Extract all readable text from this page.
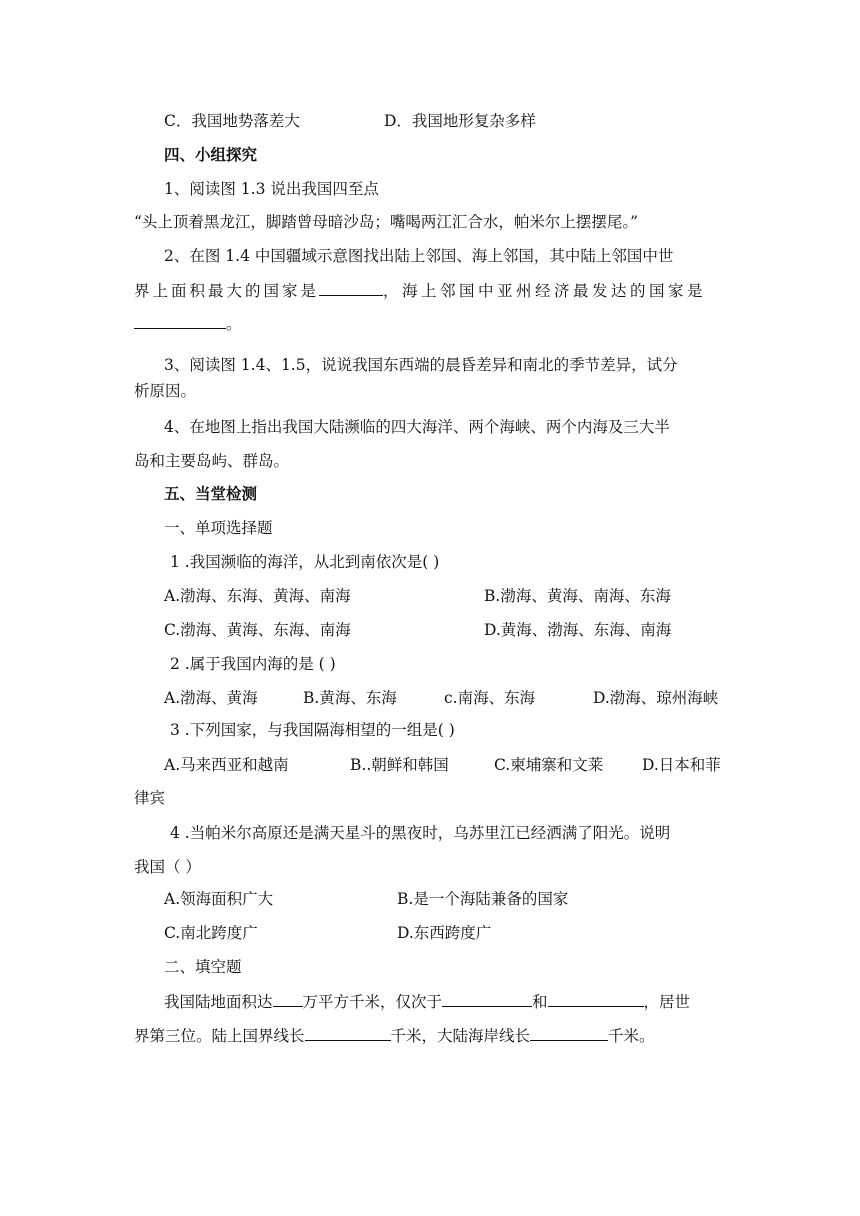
C．我国地势落差大	D．我国地形复杂多样
四、小组探究
1、阅读图 1.3 说出我国四至点
“头上顶着黑龙江，脚踏曾母暗沙岛；嘴喝两江汇合水，帕米尔上摆摆尾。”
2、在图 1.4 中国疆域示意图找出陆上邻国、海上邻国，其中陆上邻国中世
界上面积最大的国家是	，海上邻国中亚州经济最发达的国家是
。
3、阅读图 1.4、1.5，说说我国东西端的晨昏差异和南北的季节差异，试分
析原因。
4、在地图上指出我国大陆濒临的四大海洋、两个海峡、两个内海及三大半
岛和主要岛屿、群岛。
五、当堂检测
一、单项选择题
1 .我国濒临的海洋，从北到南依次是( )
A.渤海、东海、黄海、南海	B.渤海、黄海、南海、东海
C.渤海、黄海、东海、南海	D.黄海、渤海、东海、南海
2 .属于我国内海的是 ( )
A.渤海、黄海	B.黄海、东海	c.南海、东海	D.渤海、琼州海峡
3 .下列国家，与我国隔海相望的一组是( )
A.马来西亚和越南	B..朝鲜和韩国	C.柬埔寨和文莱	D.日本和菲
律宾
4 .当帕米尔高原还是满天星斗的黑夜时，乌苏里江已经洒满了阳光。说明
我国（ ）
A.领海面积广大	B.是一个海陆兼备的国家
C.南北跨度广	D.东西跨度广
二、填空题
我国陆地面积达 万平方千米，仅次于	和	，居世
界第三位。陆上国界线长	千米，大陆海岸线长	千米。
